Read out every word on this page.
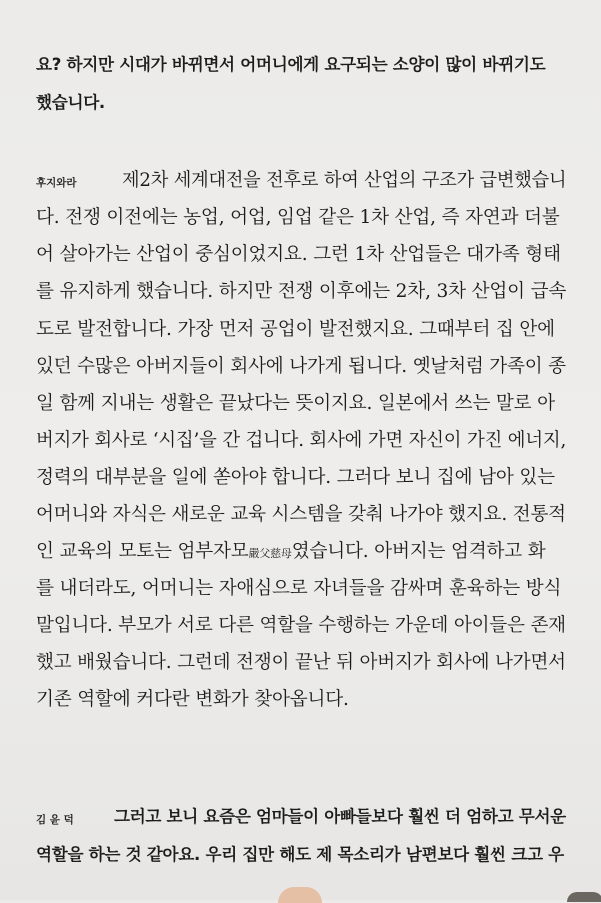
요? 하지만 시대가 바뀌면서 어머니에게 요구되는 소양이 많이 바뀌기도
했습니다.
후지와라 제2차 세계대전을 전후로 하여 산업의 구조가 급변했습니
다. 전쟁 이전에는 농업, 어업, 임업 같은 1차 산업, 즉 자연과 더불
어 살아가는 산업이 중심이었지요. 그런 1차 산업들은 대가족 형태
를 유지하게 했습니다. 하지만 전쟁 이후에는 2차, 3차 산업이 급속
도로 발전합니다. 가장 먼저 공업이 발전했지요. 그때부터 집 안에
있던 수많은 아버지들이 회사에 나가게 됩니다. 옛날처럼 가족이 종
일 함께 지내는 생활은 끝났다는 뜻이지요. 일본에서 쓰는 말로 아
버지가 회사로 ‘시집’을 간 겁니다. 회사에 가면 자신이 가진 에너지,
정력의 대부분을 일에 쏟아야 합니다. 그러다 보니 집에 남아 있는
어머니와 자식은 새로운 교육 시스템을 갖춰 나가야 했지요. 전통적
인 교육의 모토는 엄부자모嚴父慈母였습니다. 아버지는 엄격하고 화
를 내더라도, 어머니는 자애심으로 자녀들을 감싸며 훈육하는 방식
말입니다. 부모가 서로 다른 역할을 수행하는 가운데 아이들은 존재
했고 배웠습니다. 그런데 전쟁이 끝난 뒤 아버지가 회사에 나가면서
기존 역할에 커다란 변화가 찾아옵니다.
김 윤 덕 그러고 보니 요즘은 엄마들이 아빠들보다 훨씬 더 엄하고 무서운
역할을 하는 것 같아요. 우리 집만 해도 제 목소리가 남편보다 훨씬 크고 우
